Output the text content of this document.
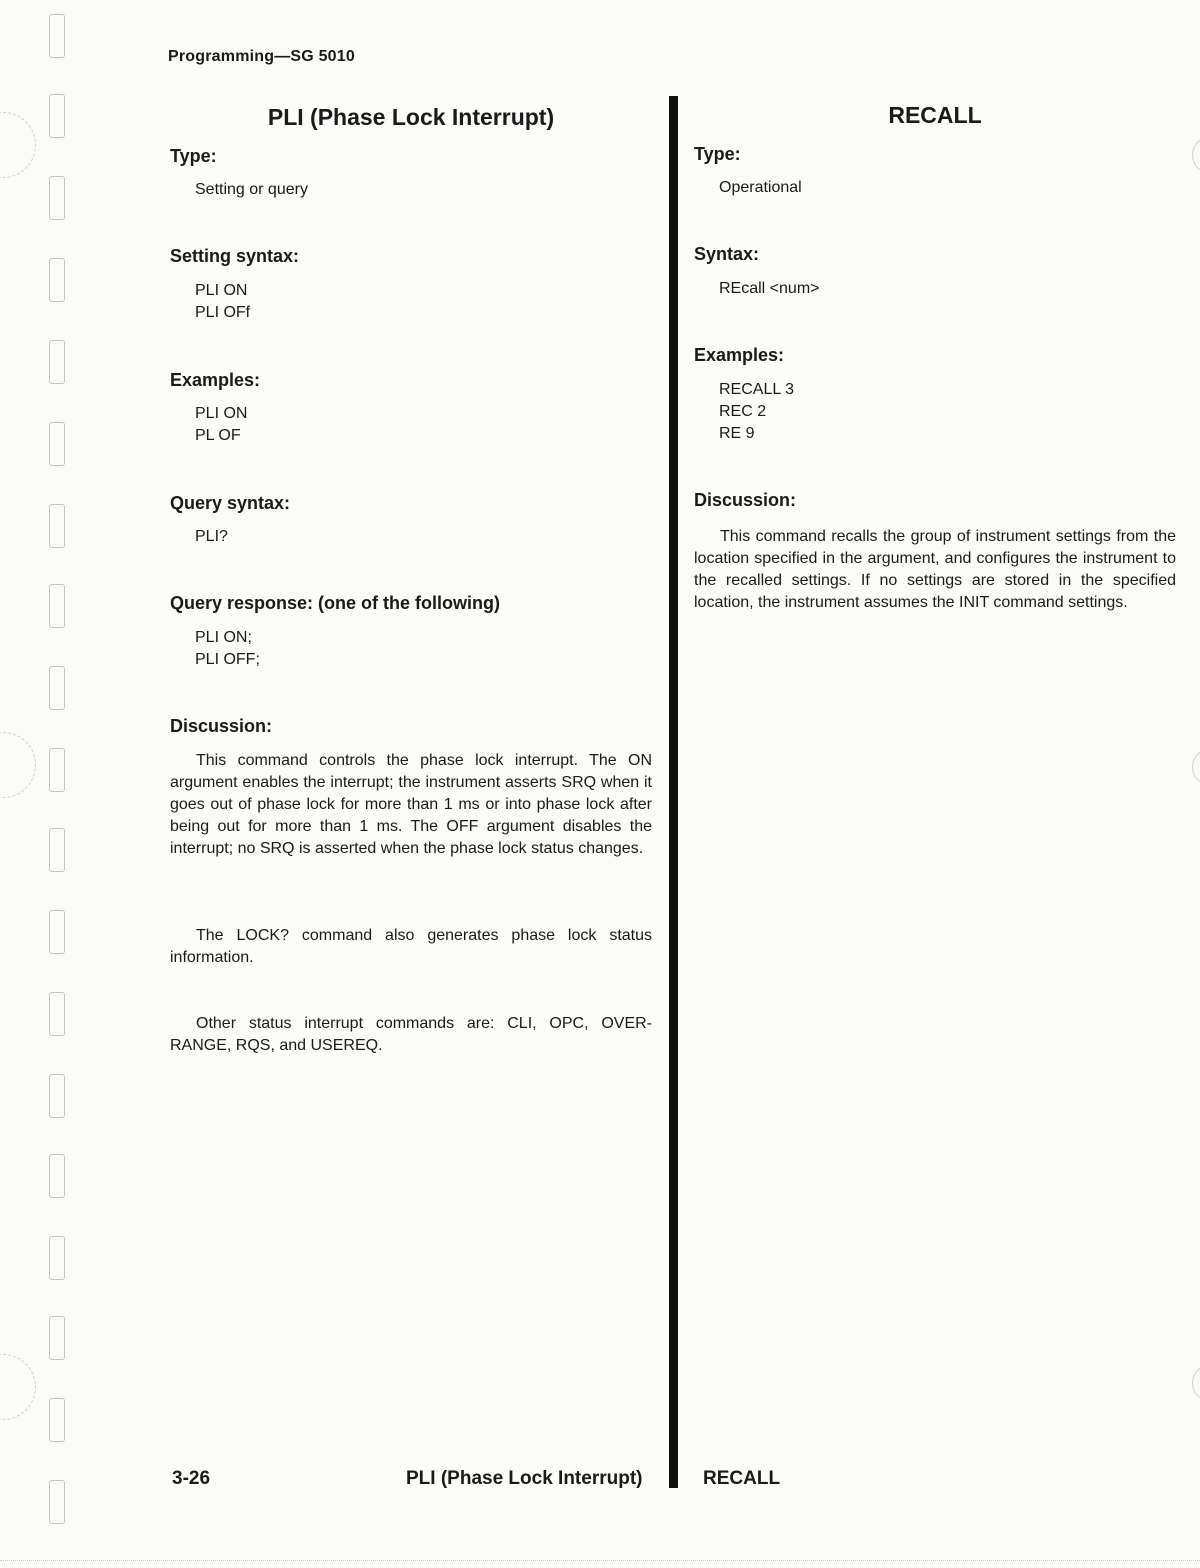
Programming—SG 5010
PLI (Phase Lock Interrupt)
Type:

Setting or query

Setting syntax:

PLI ON

PLI OFf

Examples:

PLI ON

PL OF

Query syntax:

PLI?

Query response: (one of the following)

PLI ON;

PLI OFF;

Discussion:

This command controls the phase lock interrupt. The ON argument enables the interrupt; the instrument asserts SRQ when it goes out of phase lock for more than 1 ms or into phase lock after being out for more than 1 ms. The OFF argument disables the interrupt; no SRQ is asserted when the phase lock status changes.

The LOCK? command also generates phase lock status information.

Other status interrupt commands are: CLI, OPC, OVER-RANGE, RQS, and USEREQ.

RECALL
Type:

Operational

Syntax:

REcall <num>

Examples:

RECALL 3

REC 2

RE 9

Discussion:

This command recalls the group of instrument settings from the location specified in the argument, and configures the instrument to the recalled settings. If no settings are stored in the specified location, the instrument assumes the INIT command settings.

3-26	PLI (Phase Lock Interrupt)	RECALL
